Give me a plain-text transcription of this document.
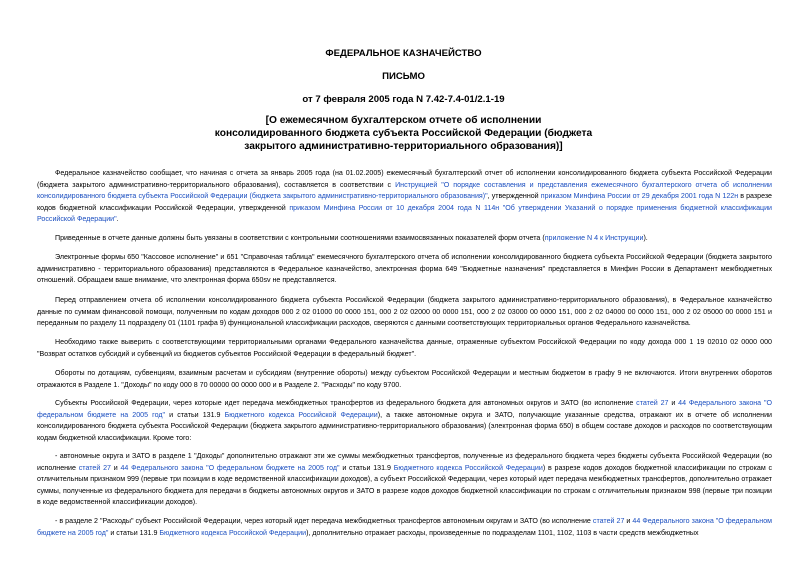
ФЕДЕРАЛЬНОЕ КАЗНАЧЕЙСТВО
ПИСЬМО
от 7 февраля 2005 года N 7.42-7.4-01/2.1-19
[О ежемесячном бухгалтерском отчете об исполнении
консолидированного бюджета субъекта Российской Федерации (бюджета
закрытого административно-территориального образования)]
Федеральное казначейство сообщает, что начиная с отчета за январь 2005 года (на 01.02.2005) ежемесячный бухгалтерский отчет об исполнении консолидированного бюджета субъекта Российской Федерации (бюджета закрытого административно-территориального образования), составляется в соответствии с Инструкцией "О порядке составления и представления ежемесячного бухгалтерского отчета об исполнении консолидированного бюджета субъекта Российской Федерации (бюджета закрытого административно-территориального образования)", утвержденной приказом Минфина России от 29 декабря 2001 года N 122н в разрезе кодов бюджетной классификации Российской Федерации, утвержденной приказом Минфина России от 10 декабря 2004 года N 114н "Об утверждении Указаний о порядке применения бюджетной классификации Российской Федерации".
Приведенные в отчете данные должны быть увязаны в соответствии с контрольными соотношениями взаимосвязанных показателей форм отчета (приложение N 4 к Инструкции).
Электронные формы 650 "Кассовое исполнение" и 651 "Справочная таблица" ежемесячного бухгалтерского отчета об исполнении консолидированного бюджета субъекта Российской Федерации (бюджета закрытого административно - территориального образования) представляются в Федеральное казначейство, электронная форма 649 "Бюджетные назначения" представляется в Минфин России в Департамент межбюджетных отношений. Обращаем ваше внимание, что электронная форма 650sv не представляется.
Перед отправлением отчета об исполнении консолидированного бюджета субъекта Российской Федерации (бюджета закрытого административно-территориального образования), в Федеральное казначейство данные по суммам финансовой помощи, полученным по кодам доходов 000 2 02 01000 00 0000 151, 000 2 02 02000 00 0000 151, 000 2 02 03000 00 0000 151, 000 2 02 04000 00 0000 151, 000 2 02 05000 00 0000 151 и переданным по разделу 11 подразделу 01 (1101 графа 9) функциональной классификации расходов, сверяются с данными соответствующих территориальных органов Федерального казначейства.
Необходимо также выверить с соответствующими территориальными органами Федерального казначейства данные, отраженные субъектом Российской Федерации по коду дохода 000 1 19 02010 02 0000 000 "Возврат остатков субсидий и субвенций из бюджетов субъектов Российской Федерации в федеральный бюджет".
Обороты по дотациям, субвенциям, взаимным расчетам и субсидиям (внутренние обороты) между субъектом Российской Федерации и местным бюджетом в графу 9 не включаются. Итоги внутренних оборотов отражаются в Разделе 1. "Доходы" по коду 000 8 70 00000 00 0000 000 и в Разделе 2. "Расходы" по коду 9700.
Субъекты Российской Федерации, через которые идет передача межбюджетных трансфертов из федерального бюджета для автономных округов и ЗАТО (во исполнение статей 27 и 44 Федерального закона "О федеральном бюджете на 2005 год" и статьи 131.9 Бюджетного кодекса Российской Федерации), а также автономные округа и ЗАТО, получающие указанные средства, отражают их в отчете об исполнении консолидированного бюджета субъекта Российской Федерации (бюджета закрытого административно-территориального образования) (электронная форма 650) в общем составе доходов и расходов по соответствующим кодам бюджетной классификации. Кроме того:
- автономные округа и ЗАТО в разделе 1 "Доходы" дополнительно отражают эти же суммы межбюджетных трансфертов, полученные из федерального бюджета через бюджеты субъекта Российской Федерации (во исполнение статей 27 и 44 Федерального закона "О федеральном бюджете на 2005 год" и статьи 131.9 Бюджетного кодекса Российской Федерации) в разрезе кодов доходов бюджетной классификации по строкам с отличительным признаком 999 (первые три позиции в коде ведомственной классификации доходов), а субъект Российской Федерации, через который идет передача межбюджетных трансфертов, дополнительно отражает суммы, полученные из федерального бюджета для передачи в бюджеты автономных округов и ЗАТО в разрезе кодов доходов бюджетной классификации по строкам с отличительным признаком 998 (первые три позиции в коде ведомственной классификации доходов).
- в разделе 2 "Расходы" субъект Российской Федерации, через который идет передача межбюджетных трансфертов автономным округам и ЗАТО (во исполнение статей 27 и 44 Федерального закона "О федеральном бюджете на 2005 год" и статьи 131.9 Бюджетного кодекса Российской Федерации), дополнительно отражает расходы, произведенные по подразделам 1101, 1102, 1103 в части средств межбюджетных
